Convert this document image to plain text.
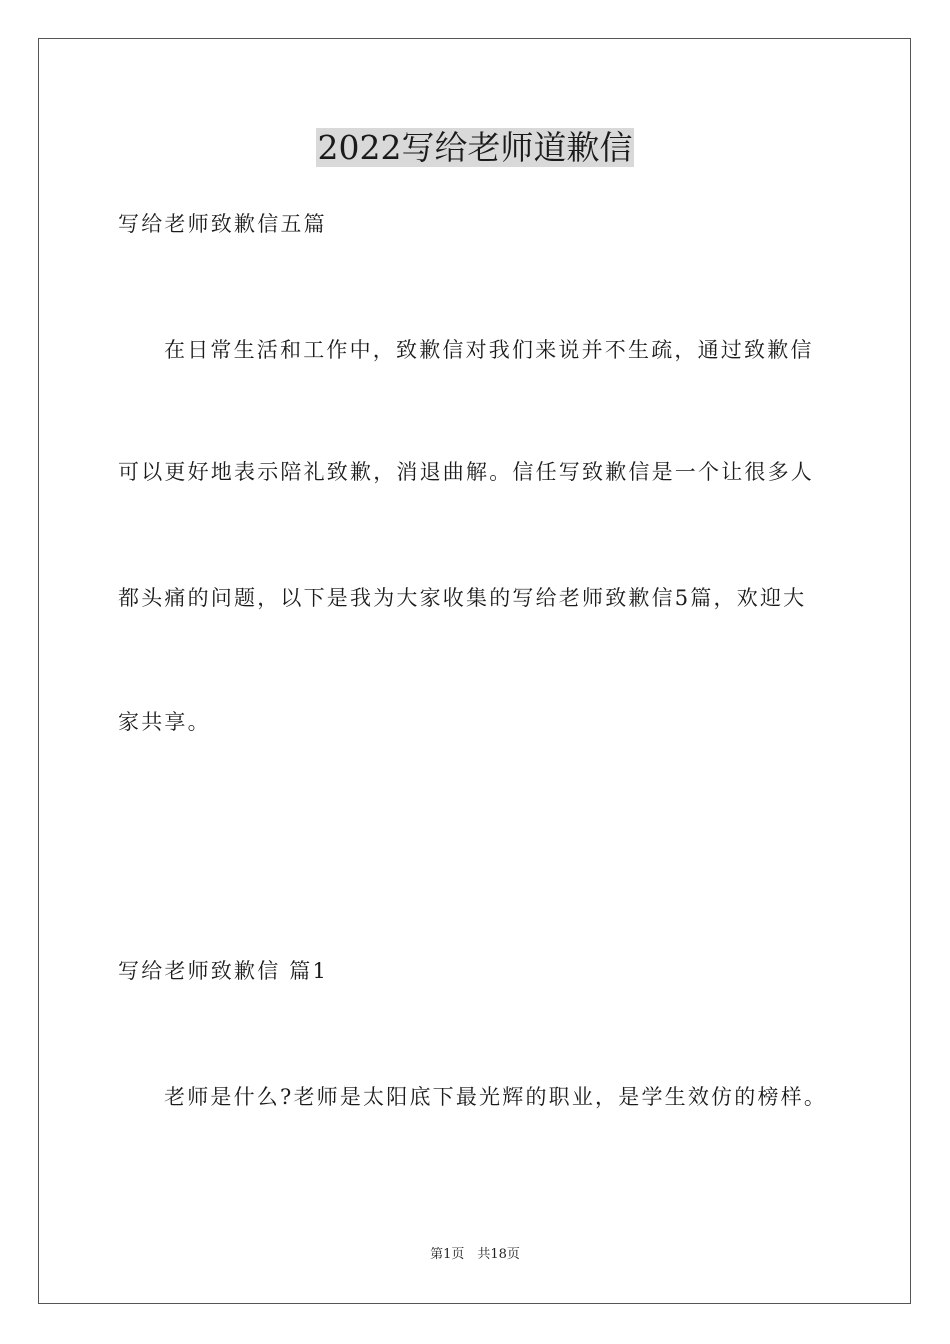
2022写给老师道歉信
写给老师致歉信五篇
在日常生活和工作中，致歉信对我们来说并不生疏，通过致歉信
可以更好地表示陪礼致歉，消退曲解。信任写致歉信是一个让很多人
都头痛的问题，以下是我为大家收集的写给老师致歉信5篇，欢迎大
家共享。
写给老师致歉信 篇1
老师是什么?老师是太阳底下最光辉的职业，是学生效仿的榜样。
第1页　共18页
